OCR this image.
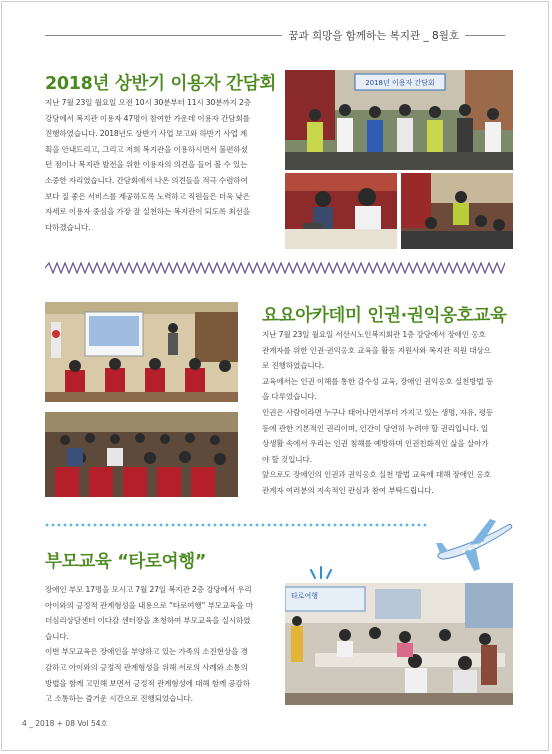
꿈과 희망을 함께하는 복지관 _ 8월호
2018년 상반기 이용자 간담회

지난 7월 23일 월요일 오전 10시 30분부터 11시 30분까지 2층

강당에서 복지관 이용자 47명이 참여한 가운데 이용자 간담회를

진행하였습니다. 2018년도 상반기 사업 보고와 하반기 사업 계

획을 안내드리고, 그리고 저희 복지관을 이용하시면서 불편하셨

던 점이나 복지관 발전을 위한 이용자의 의견을 들어 볼 수 있는

소중한 자리였습니다. 간담회에서 나온 의견들을 적극 수렴하여

보다 질 좋은 서비스를 제공하도록 노력하고 직원들은 더욱 낮은

자세로 이용자 중심을 가장 잘 실천하는 복지관이 되도록 최선을

다하겠습니다.

2018년 이용자 간담회
요요아카데미 인권·권익옹호교육

지난 7월 23일 월요일 서산시노인복지회관 1층 강당에서 장애인 옹호

관계자를 위한 인권·권익옹호 교육을 활동 지원사와 복지관 직원 대상으

로 진행하였습니다.

교육에서는 인권 이해를 통한 감수성 교육, 장애인 권익옹호 실천방법 등

을 다루었습니다.

인권은 사람이라면 누구나 태어나면서부터 가지고 있는 생명, 자유, 평등

등에 관한 기본적인 권리이며, 인간이 당연히 누려야 할 권리입니다. 일

상생활 속에서 우리는 인권 침해를 예방하며 인권친화적인 삶을 살아가

야 할 것입니다.

앞으로도 장애인의 인권과 권익옹호 실천 방법 교육에 대해 장애인 옹호

관계자 여러분의 지속적인 관심과 참여 부탁드립니다.

부모교육 “타로여행”

장애인 부모 17명을 모시고 7월 27일 복지관 2층 강당에서 우리

아이와의 긍정적 관계형성을 내용으로 “타로여행” 부모교육을 마

더심리상담센터 이다감 센터장을 초청하여 부모교육을 실시하였

습니다.

이번 부모교육은 장애인을 부양하고 있는 가족의 소진현상을 경

감하고 아이와의 긍정적 관계형성을 위해 서로의 사례와 소통의

방법을 함께 고민해 보면서 긍정적 관계형성에 대해 함께 공감하

고 소통하는 즐거운 시간으로 진행되었습니다.

타로여행
4 _ 2018 + 08 Vol 54호
